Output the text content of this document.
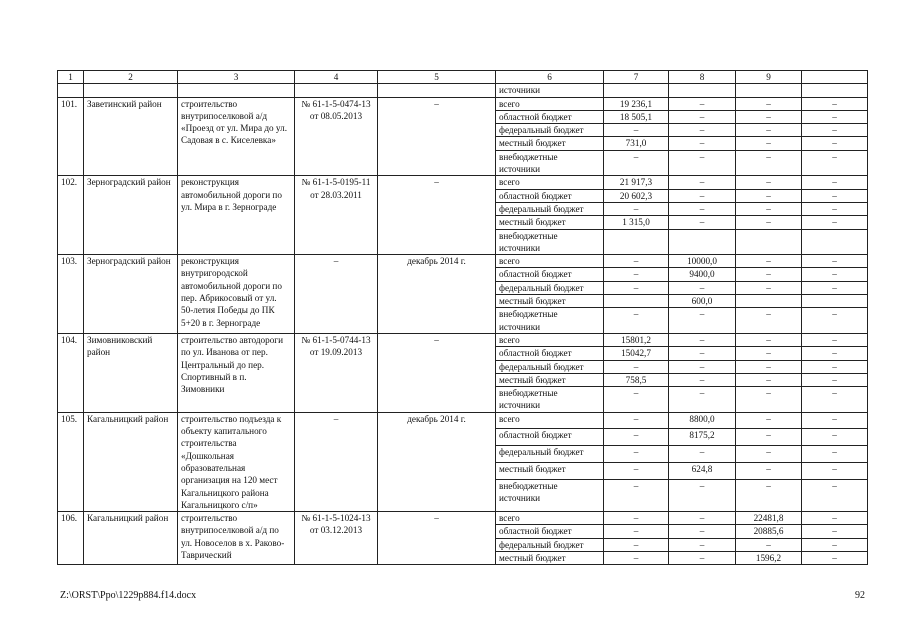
1	2	3	4	5	6	7	8	9	
					источники				
101.	Заветинский район	строительство внутрипоселковой а/д «Проезд от ул. Мира до ул. Садовая в с. Киселевка»	№ 61-1-5-0474-13 от 08.05.2013	–	всего	19 236,1	–	–	–
					областной бюджет	18 505,1	–	–	–
					федеральный бюджет	–	–	–	–
					местный бюджет	731,0	–	–	–
					внебюджетные источники	–	–	–	–
102.	Зерноградский район	реконструкция автомобильной дороги по ул. Мира в г. Зернограде	№ 61-1-5-0195-11 от 28.03.2011	–	всего	21 917,3	–	–	–
					областной бюджет	20 602,3	–	–	–
					федеральный бюджет	–	–	–	–
					местный бюджет	1 315,0	–	–	–
					внебюджетные источники				
103.	Зерноградский район	реконструкция внутригородской автомобильной дороги по пер. Абрикосовый от ул. 50-летия Победы до ПК 5+20 в г. Зернограде	–	декабрь 2014 г.	всего	–	10000,0	–	–
					областной бюджет	–	9400,0	–	–
					федеральный бюджет	–	–	–	–
					местный бюджет		600,0		
					внебюджетные источники	–	–	–	–
104.	Зимовниковский район	строительство автодороги по ул. Иванова от пер. Центральный до пер. Спортивный в п. Зимовники	№ 61-1-5-0744-13 от 19.09.2013	–	всего	15801,2	–	–	–
					областной бюджет	15042,7	–	–	–
					федеральный бюджет	–	–	–	–
					местный бюджет	758,5	–	–	–
					внебюджетные источники	–	–	–	–
105.	Кагальницкий район	строительство подъезда к объекту капитального строительства «Дошкольная образовательная организация на 120 мест Кагальницкого района Кагальницкого с/п»	–	декабрь 2014 г.	всего	–	8800,0	–	–
					областной бюджет	–	8175,2	–	–
					федеральный бюджет	–	–	–	–
					местный бюджет	–	624,8	–	–
					внебюджетные источники	–	–	–	–
106.	Кагальницкий район	строительство внутрипоселковой а/д по ул. Новоселов в х. Раково-Таврический	№ 61-1-5-1024-13 от 03.12.2013	–	всего	–	–	22481,8	–
					областной бюджет	–	–	20885,6	–
					федеральный бюджет	–	–	–	–
					местный бюджет	–	–	1596,2	–
Z:\ORST\Ppo\1229p884.f14.docx	92
